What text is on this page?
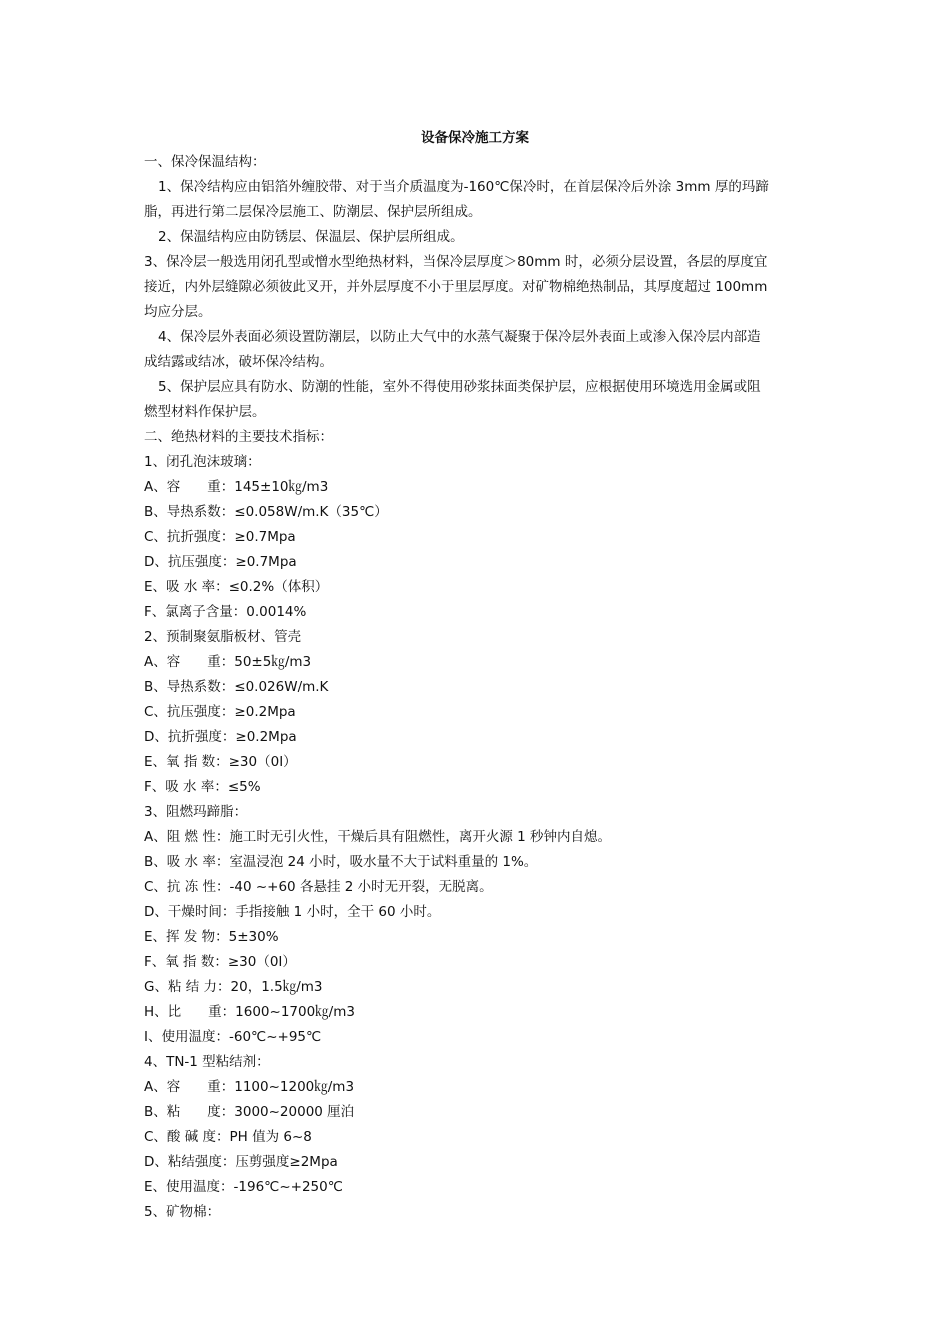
设备保冷施工方案
一、保冷保温结构：
1、保冷结构应由铝箔外缠胶带、对于当介质温度为-160℃保冷时，在首层保冷后外涂 3mm 厚的玛蹄
脂，再进行第二层保冷层施工、防潮层、保护层所组成。
2、保温结构应由防锈层、保温层、保护层所组成。
3、保冷层一般选用闭孔型或憎水型绝热材料，当保冷层厚度＞80mm 时，必须分层设置，各层的厚度宜
接近，内外层缝隙必须彼此叉开，并外层厚度不小于里层厚度。对矿物棉绝热制品，其厚度超过 100mm
均应分层。
4、保冷层外表面必须设置防潮层，以防止大气中的水蒸气凝聚于保冷层外表面上或渗入保冷层内部造
成结露或结冰，破坏保冷结构。
5、保护层应具有防水、防潮的性能，室外不得使用砂浆抹面类保护层，应根据使用环境选用金属或阻
燃型材料作保护层。
二、绝热材料的主要技术指标：
1、闭孔泡沫玻璃：
A、容　　重：145±10㎏/m3
B、导热系数：≤0.058W/m.K（35℃）
C、抗折强度：≥0.7Mpa
D、抗压强度：≥0.7Mpa
E、吸 水 率：≤0.2%（体积）
F、氯离子含量：0.0014%
2、预制聚氨脂板材、管壳
A、容　　重：50±5㎏/m3
B、导热系数：≤0.026W/m.K
C、抗压强度：≥0.2Mpa
D、抗折强度：≥0.2Mpa
E、氧 指 数：≥30（0I）
F、吸 水 率：≤5%
3、阻燃玛蹄脂：
A、阻 燃 性：施工时无引火性，干燥后具有阻燃性，离开火源 1 秒钟内自熄。
B、吸 水 率：室温浸泡 24 小时，吸水量不大于试料重量的 1%。
C、抗 冻 性：-40 ~+60 各悬挂 2 小时无开裂，无脱离。
D、干燥时间：手指接触 1 小时，全干 60 小时。
E、挥 发 物：5±30%
F、氧 指 数：≥30（0I）
G、粘 结 力：20，1.5㎏/m3
H、比　　重：1600~1700㎏/m3
I、使用温度：-60℃~+95℃
4、TN-1 型粘结剂：
A、容　　重：1100~1200㎏/m3
B、粘　　度：3000~20000 厘泊
C、酸 碱 度：PH 值为 6~8
D、粘结强度：压剪强度≥2Mpa
E、使用温度：-196℃~+250℃
5、矿物棉：
